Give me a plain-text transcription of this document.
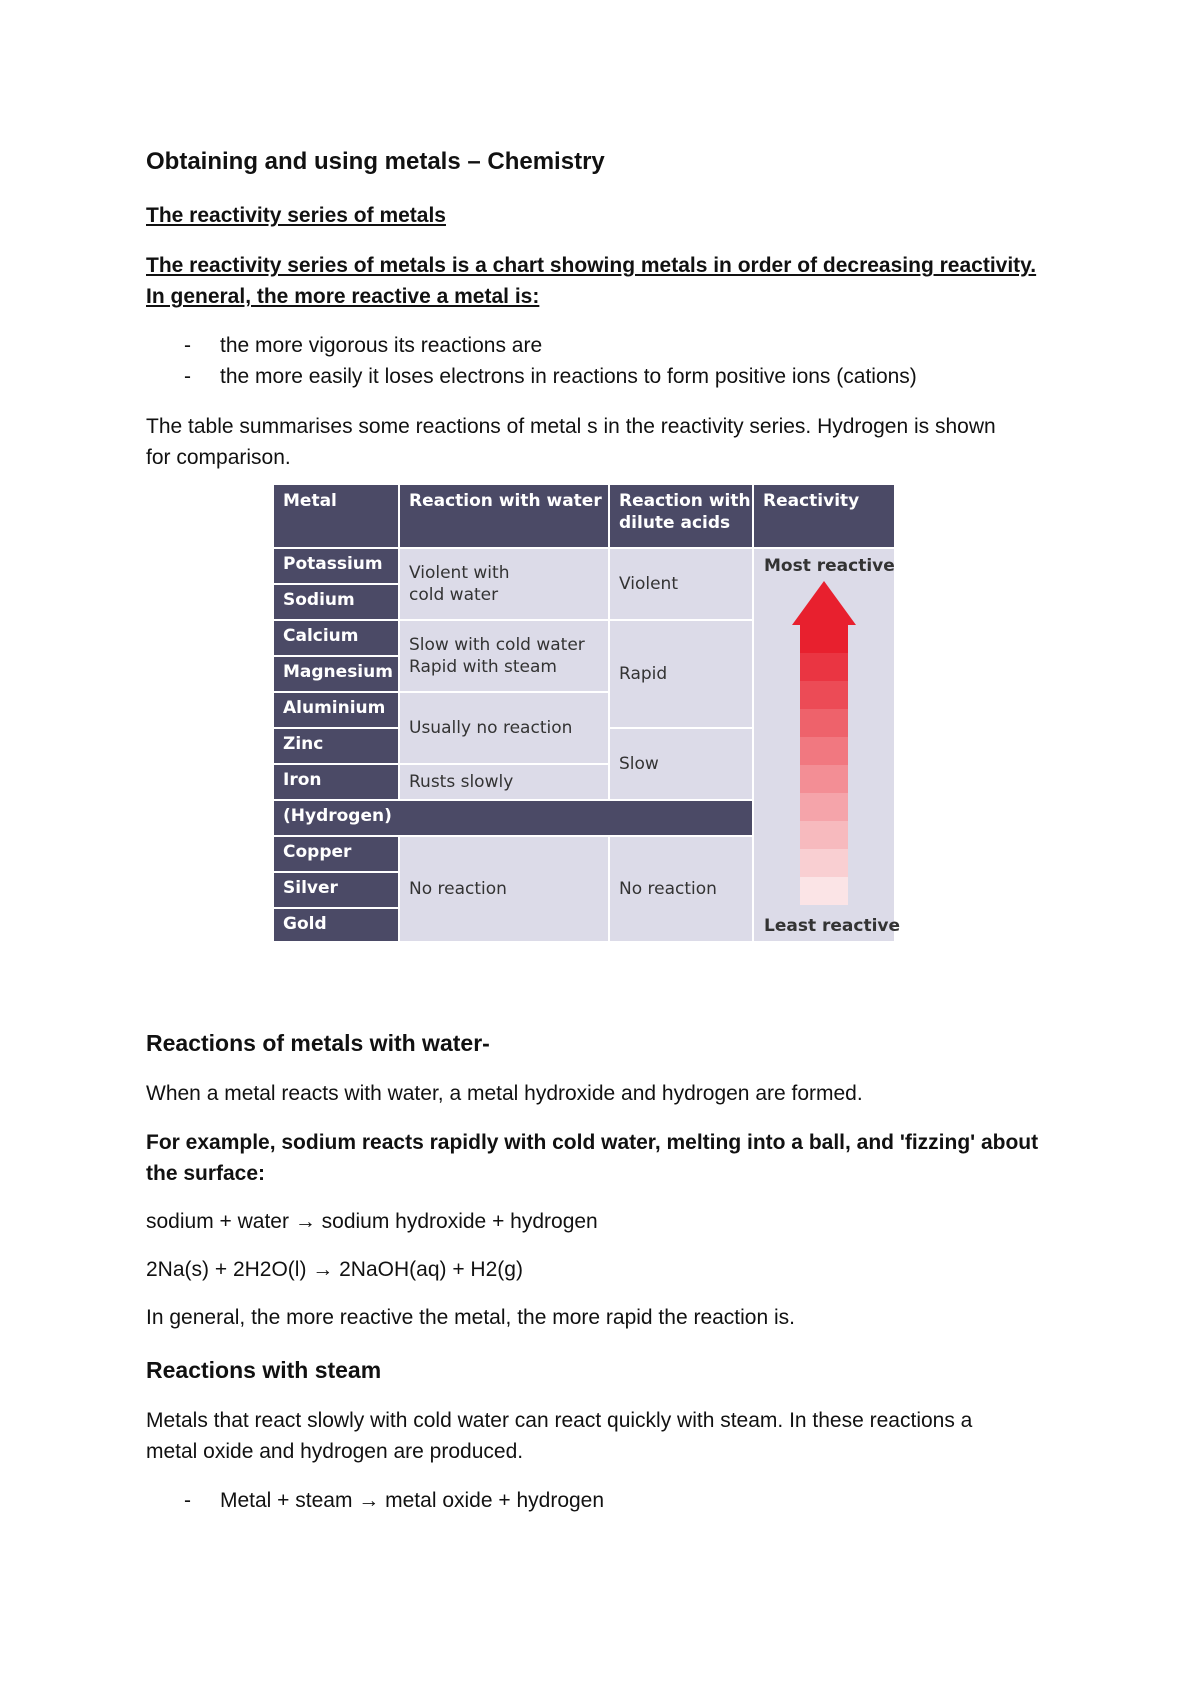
Obtaining and using metals – Chemistry
The reactivity series of metals
The reactivity series of metals is a chart showing metals in order of decreasing reactivity.
In general, the more reactive a metal is:
- the more vigorous its reactions are
- the more easily it loses electrons in reactions to form positive ions (cations)
The table summarises some reactions of metal s in the reactivity series. Hydrogen is shown
for comparison.
Metal	Reaction with water	Reaction with
dilute acids
Reactivity
Potassium
Sodium
Calcium
Magnesium
Aluminium
Zinc
Iron
(Hydrogen)
Copper
Silver
Gold
Violent with
cold water
Slow with cold water
Rapid with steam
Usually no reaction
Rusts slowly
No reaction
Violent
Rapid
Slow
No reaction
Most reactive
Least reactive
Reactions of metals with water-
When a metal reacts with water, a metal hydroxide and hydrogen are formed.
For example, sodium reacts rapidly with cold water, melting into a ball, and 'fizzing' about
the surface:
sodium + water → sodium hydroxide + hydrogen
2Na(s) + 2H2O(l) → 2NaOH(aq) + H2(g)
In general, the more reactive the metal, the more rapid the reaction is.
Reactions with steam
Metals that react slowly with cold water can react quickly with steam. In these reactions a
metal oxide and hydrogen are produced.
- Metal + steam → metal oxide + hydrogen
